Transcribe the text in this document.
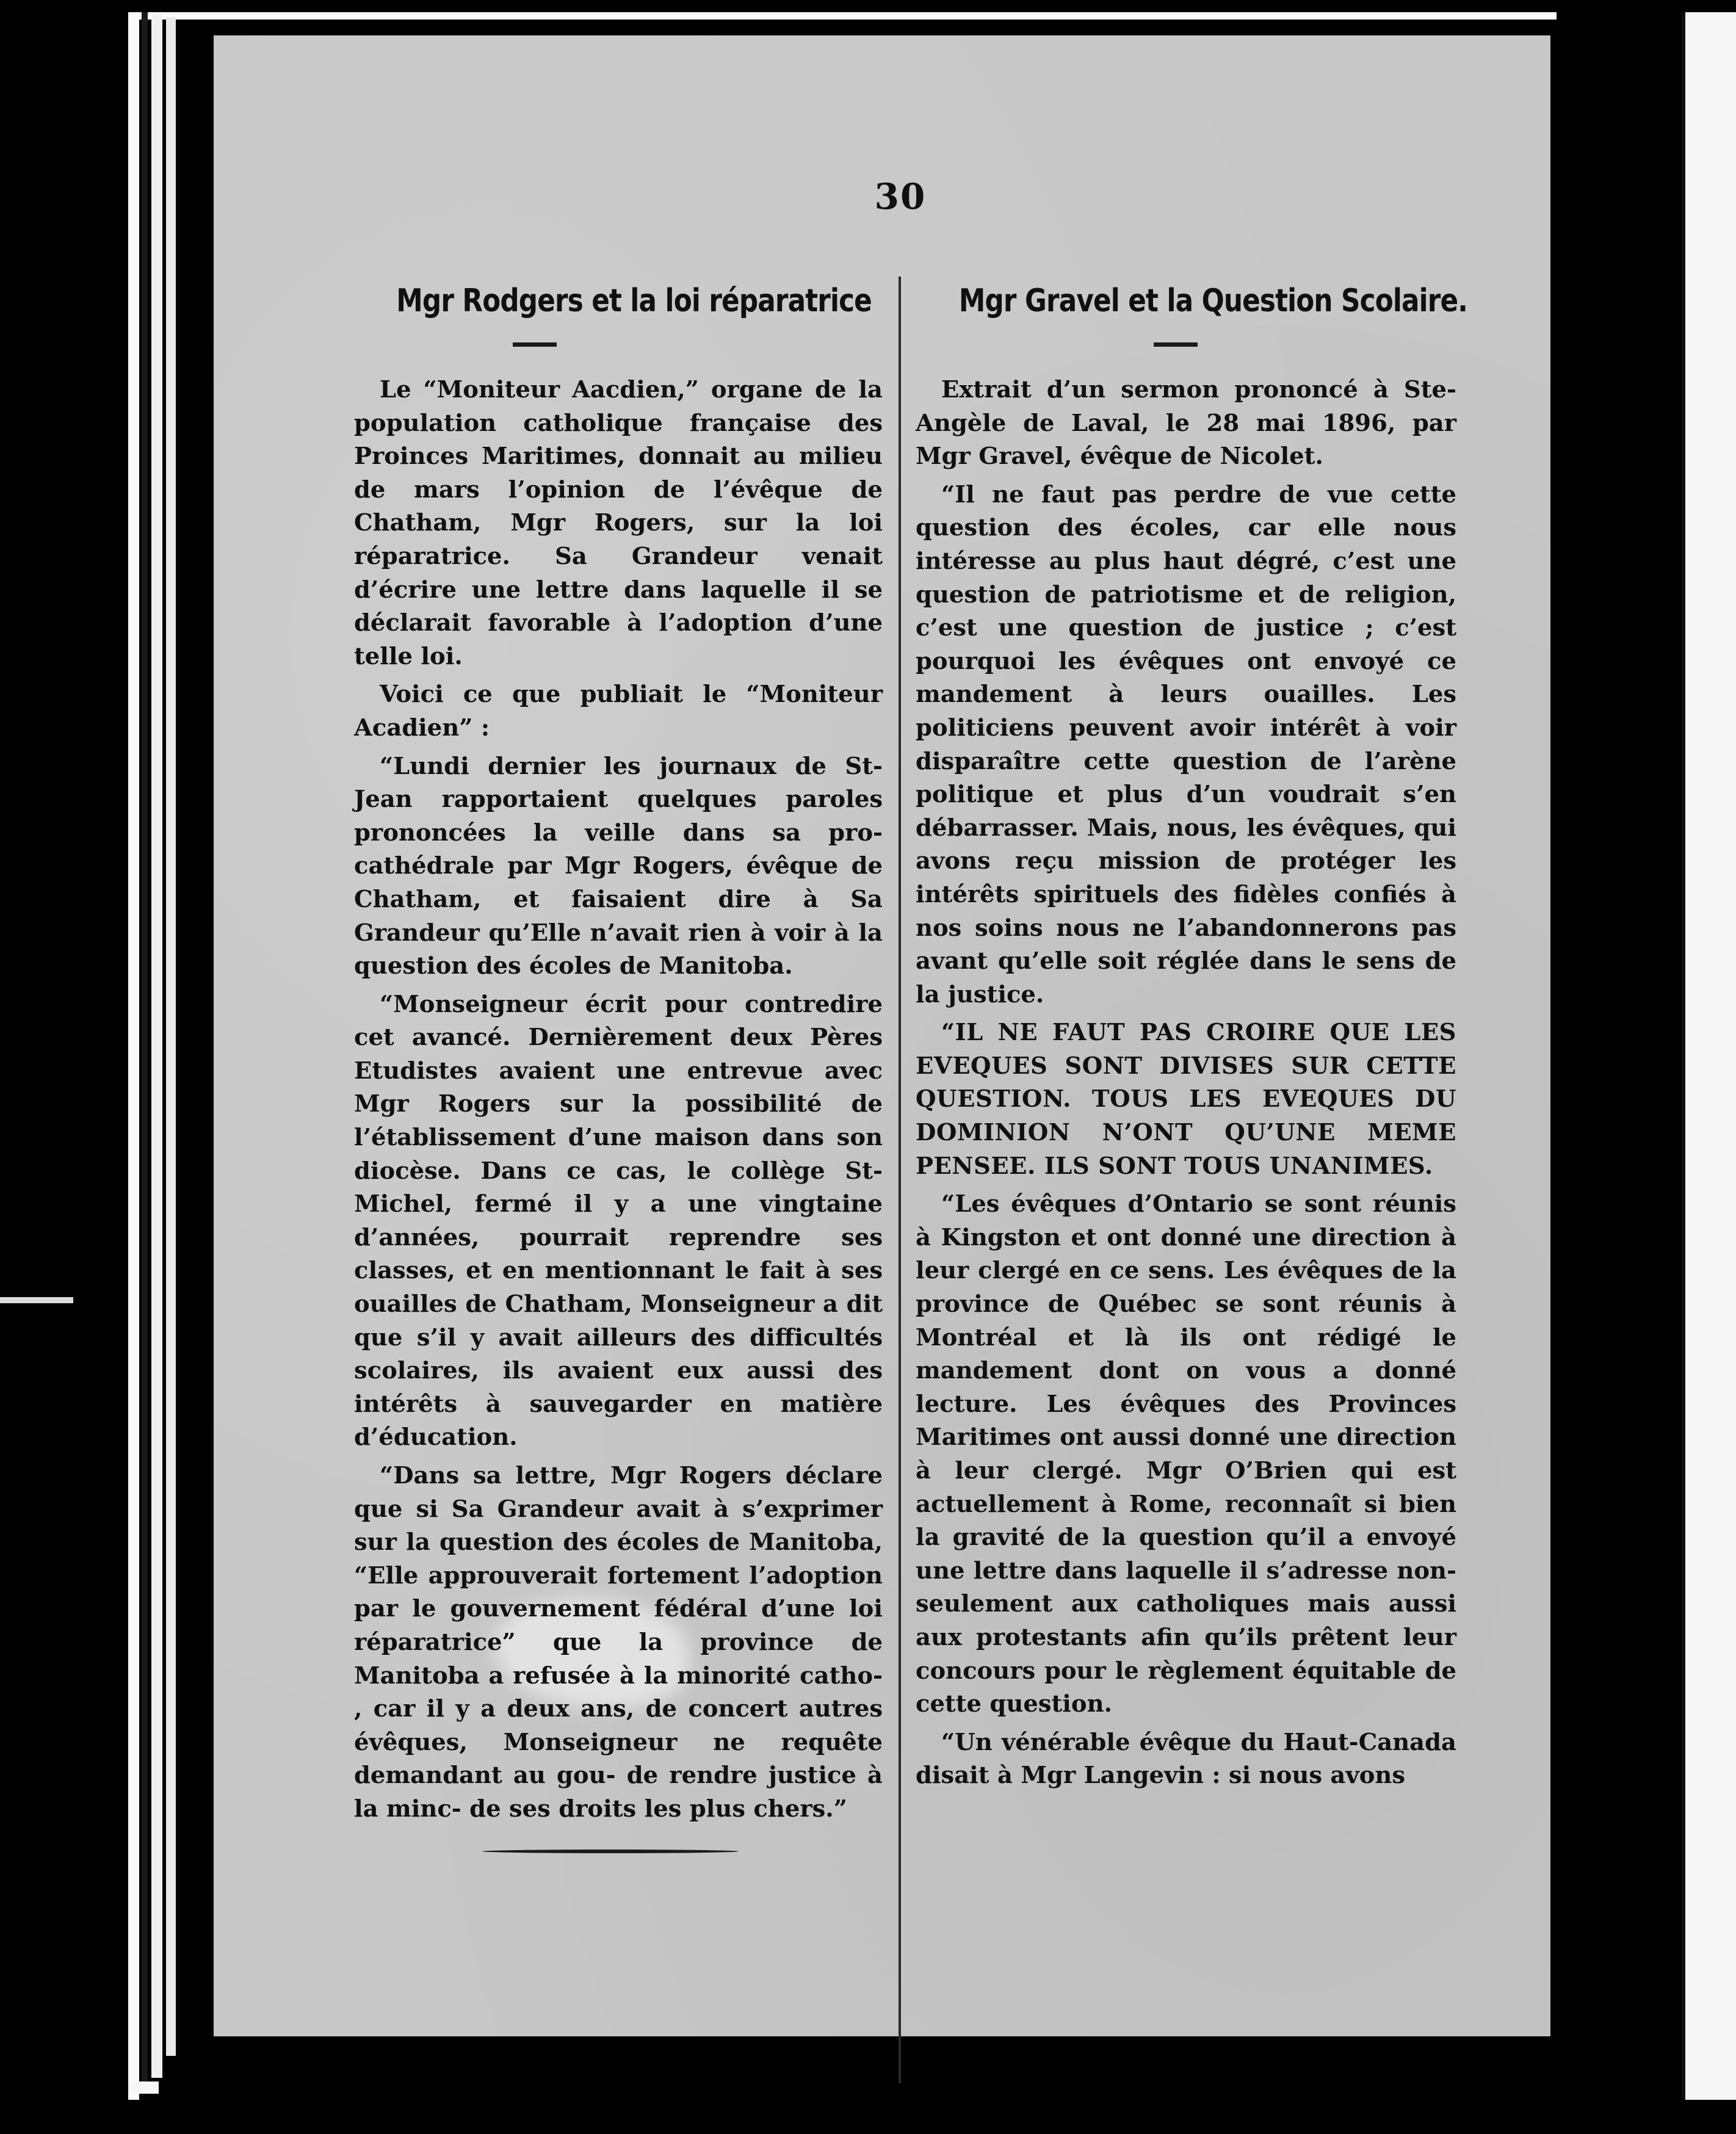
30
Mgr Rodgers et la loi réparatrice

Le “Moniteur Aacdien,” organe de la population catholique française des Proinces Maritimes, donnait au milieu de mars l’opinion de l’évêque de Chatham, Mgr Rogers, sur la loi réparatrice. Sa Grandeur venait d’écrire une lettre dans laquelle il se déclarait favorable à l’adoption d’une telle loi.

Voici ce que publiait le “Moniteur Acadien” :

“Lundi dernier les journaux de St-Jean rapportaient quelques paroles prononcées la veille dans sa pro-cathédrale par Mgr Rogers, évêque de Chatham, et faisaient dire à Sa Grandeur qu’Elle n’avait rien à voir à la question des écoles de Manitoba.

“Monseigneur écrit pour contredire cet avancé. Dernièrement deux Pères Etudistes avaient une entrevue avec Mgr Rogers sur la possibilité de l’établissement d’une maison dans son diocèse. Dans ce cas, le collège St-Michel, fermé il y a une vingtaine d’années, pourrait reprendre ses classes, et en mentionnant le fait à ses ouailles de Chatham, Monseigneur a dit que s’il y avait ailleurs des difficultés scolaires, ils avaient eux aussi des intérêts à sauvegarder en matière d’éducation.

“Dans sa lettre, Mgr Rogers déclare que si Sa Grandeur avait à s’exprimer sur la question des écoles de Manitoba, “Elle approuverait fortement l’adoption par le gouvernement fédéral d’une loi réparatrice” que la province de Manitoba a refusée à la minorité catho- , car il y a deux ans, de concert autres évêques, Monseigneur ne requête demandant au gou- de rendre justice à la minc- de ses droits les plus chers.”

Mgr Gravel et la Question Scolaire.

Extrait d’un sermon prononcé à Ste-Angèle de Laval, le 28 mai 1896, par Mgr Gravel, évêque de Nicolet.

“Il ne faut pas perdre de vue cette question des écoles, car elle nous intéresse au plus haut dégré, c’est une question de patriotisme et de religion, c’est une question de justice ; c’est pourquoi les évêques ont envoyé ce mandement à leurs ouailles. Les politiciens peuvent avoir intérêt à voir disparaître cette question de l’arène politique et plus d’un voudrait s’en débarrasser. Mais, nous, les évêques, qui avons reçu mission de protéger les intérêts spirituels des fidèles confiés à nos soins nous ne l’abandonnerons pas avant qu’elle soit réglée dans le sens de la justice.

“IL NE FAUT PAS CROIRE QUE LES EVEQUES SONT DIVISES SUR CETTE QUESTION. TOUS LES EVEQUES DU DOMINION N’ONT QU’UNE MEME PENSEE. ILS SONT TOUS UNANIMES.

“Les évêques d’Ontario se sont réunis à Kingston et ont donné une direction à leur clergé en ce sens. Les évêques de la province de Québec se sont réunis à Montréal et là ils ont rédigé le mandement dont on vous a donné lecture. Les évêques des Provinces Maritimes ont aussi donné une direction à leur clergé. Mgr O’Brien qui est actuellement à Rome, reconnaît si bien la gravité de la question qu’il a envoyé une lettre dans laquelle il s’adresse non-seulement aux catholiques mais aussi aux protestants afin qu’ils prêtent leur concours pour le règlement équitable de cette question.

“Un vénérable évêque du Haut-Canada disait à Mgr Langevin : si nous avons
